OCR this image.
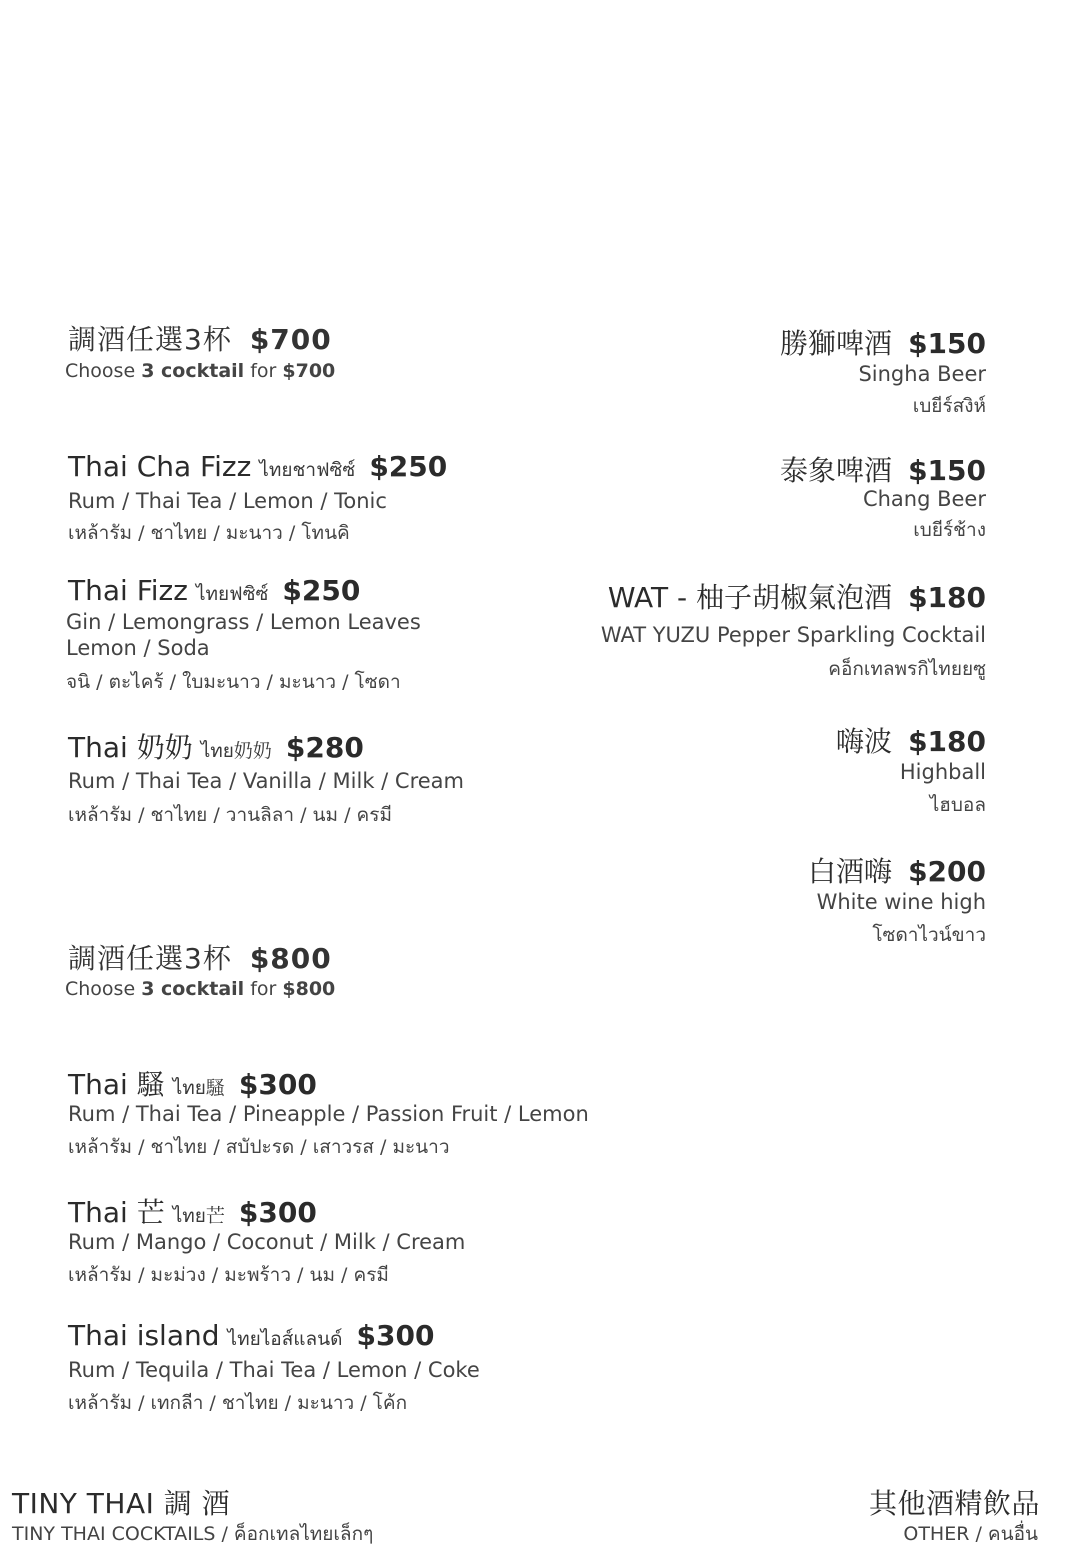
調酒任選3杯 $700
Choose 3 cocktail for $700
Thai Cha Fizz ไทยชาฟซิซ์ $250
Rum / Thai Tea / Lemon / Tonic
เหล้ารัม / ชาไทย / มะนาว / โทนคิ
Thai Fizz ไทยฟซิซ์ $250
Gin / Lemongrass / Lemon Leaves
Lemon / Soda
จนิ / ตะไคร้ / ใบมะนาว / มะนาว / โซดา
Thai 奶奶 ไทย奶奶 $280
Rum / Thai Tea / Vanilla / Milk / Cream
เหล้ารัม / ชาไทย / วานลิลา / นม / ครมี
調酒任選3杯 $800
Choose 3 cocktail for $800
Thai 騷 ไทย騷 $300
Rum / Thai Tea / Pineapple / Passion Fruit / Lemon
เหล้ารัม / ชาไทย / สบัปะรด / เสาวรส / มะนาว
Thai 芒 ไทย芒 $300
Rum / Mango / Coconut / Milk / Cream
เหล้ารัม / มะม่วง / มะพร้าว / นม / ครมี
Thai island ไทยไอส์แลนด์ $300
Rum / Tequila / Thai Tea / Lemon / Coke
เหล้ารัม / เทกลีา / ชาไทย / มะนาว / โค้ก
勝獅啤酒 $150
Singha Beer
เบยีร์สงิห์
泰象啤酒 $150
Chang Beer
เบยีร์ช้าง
WAT - 柚子胡椒氣泡酒 $180
WAT YUZU Pepper Sparkling Cocktail
คอ็กเทลพรกิไทยยซู
嗨波 $180
Highball
ไฮบอล
白酒嗨 $200
White wine high
โซดาไวน์ขาว
TINY THAI 調 酒
TINY THAI COCKTAILS / ค็อกเทลไทยเล็กๆ
其他酒精飲品
OTHER / คนอื่น
